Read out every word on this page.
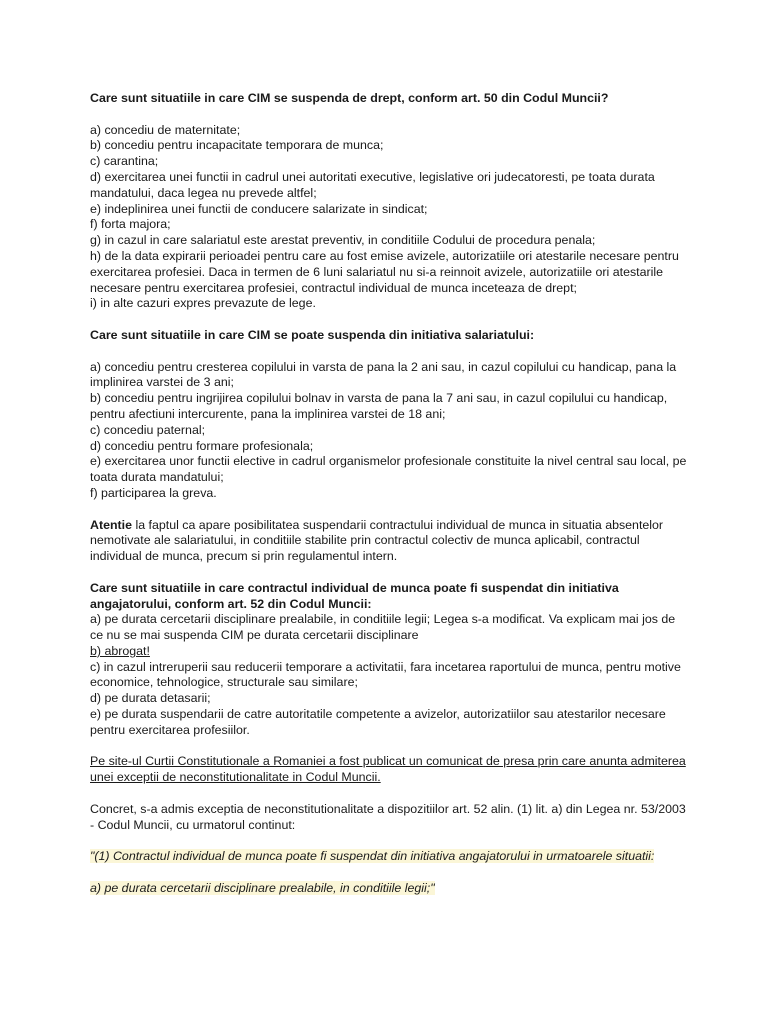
Care sunt situatiile in care CIM se suspenda de drept, conform art. 50 din Codul Muncii?

a) concediu de maternitate;

b) concediu pentru incapacitate temporara de munca;

c) carantina;

d) exercitarea unei functii in cadrul unei autoritati executive, legislative ori judecatoresti, pe toata durata mandatului, daca legea nu prevede altfel;

e) indeplinirea unei functii de conducere salarizate in sindicat;

f) forta majora;

g) in cazul in care salariatul este arestat preventiv, in conditiile Codului de procedura penala;

h) de la data expirarii perioadei pentru care au fost emise avizele, autorizatiile ori atestarile necesare pentru exercitarea profesiei. Daca in termen de 6 luni salariatul nu si-a reinnoit avizele, autorizatiile ori atestarile necesare pentru exercitarea profesiei, contractul individual de munca inceteaza de drept;

i) in alte cazuri expres prevazute de lege.

Care sunt situatiile in care CIM se poate suspenda din initiativa salariatului:

a) concediu pentru cresterea copilului in varsta de pana la 2 ani sau, in cazul copilului cu handicap, pana la implinirea varstei de 3 ani;

b) concediu pentru ingrijirea copilului bolnav in varsta de pana la 7 ani sau, in cazul copilului cu handicap, pentru afectiuni intercurente, pana la implinirea varstei de 18 ani;

c) concediu paternal;

d) concediu pentru formare profesionala;

e) exercitarea unor functii elective in cadrul organismelor profesionale constituite la nivel central sau local, pe toata durata mandatului;

f) participarea la greva.

Atentie la faptul ca apare posibilitatea suspendarii contractului individual de munca in situatia absentelor nemotivate ale salariatului, in conditiile stabilite prin contractul colectiv de munca aplicabil, contractul individual de munca, precum si prin regulamentul intern.

Care sunt situatiile in care contractul individual de munca poate fi suspendat din initiativa angajatorului, conform art. 52 din Codul Muncii:

a) pe durata cercetarii disciplinare prealabile, in conditiile legii; Legea s-a modificat. Va explicam mai jos de ce nu se mai suspenda CIM pe durata cercetarii disciplinare

b) abrogat!

c) in cazul intreruperii sau reducerii temporare a activitatii, fara incetarea raportului de munca, pentru motive economice, tehnologice, structurale sau similare;

d) pe durata detasarii;

e) pe durata suspendarii de catre autoritatile competente a avizelor, autorizatiilor sau atestarilor necesare pentru exercitarea profesiilor.

Pe site-ul Curtii Constitutionale a Romaniei a fost publicat un comunicat de presa prin care anunta admiterea unei exceptii de neconstitutionalitate in Codul Muncii.

Concret, s-a admis exceptia de neconstitutionalitate a dispozitiilor art. 52 alin. (1) lit. a) din Legea nr. 53/2003 - Codul Muncii, cu urmatorul continut:

"(1) Contractul individual de munca poate fi suspendat din initiativa angajatorului in urmatoarele situatii:

a) pe durata cercetarii disciplinare prealabile, in conditiile legii;"
